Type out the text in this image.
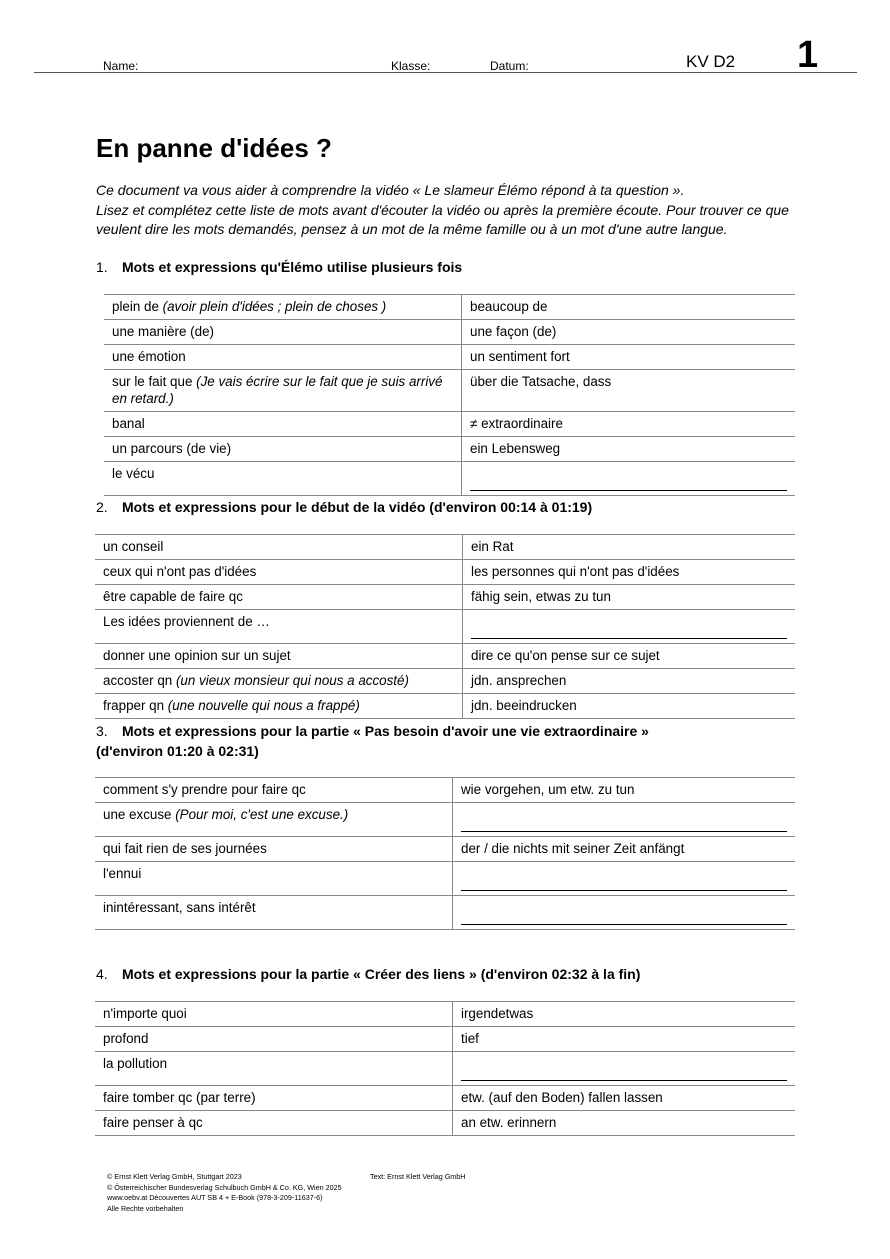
Name:	Klasse:	Datum:	KV D2 1
En panne d'idées ?
Ce document va vous aider à comprendre la vidéo « Le slameur Élémo répond à ta question ».
Lisez et complétez cette liste de mots avant d'écouter la vidéo ou après la première écoute. Pour trouver ce que veulent dire les mots demandés, pensez à un mot de la même famille ou à un mot d'une autre langue.
1. Mots et expressions qu'Élémo utilise plusieurs fois
2. Mots et expressions pour le début de la vidéo (d'environ 00:14 à 01:19)
3. Mots et expressions pour la partie « Pas besoin d'avoir une vie extraordinaire »
(d'environ 01:20 à 02:31)
4. Mots et expressions pour la partie « Créer des liens » (d'environ 02:32 à la fin)
plein de (avoir plein d'idées ; plein de choses )	beaucoup de
une manière (de)	une façon (de)
une émotion	un sentiment fort
sur le fait que (Je vais écrire sur le fait que je suis arrivé en retard.)	über die Tatsache, dass
banal	≠ extraordinaire
un parcours (de vie)	ein Lebensweg
le vécu	
un conseil	ein Rat
ceux qui n'ont pas d'idées	les personnes qui n'ont pas d'idées
être capable de faire qc	fähig sein, etwas zu tun
Les idées proviennent de …	

donner une opinion sur un sujet	dire ce qu'on pense sur ce sujet
accoster qn (un vieux monsieur qui nous a accosté)	jdn. ansprechen
frapper qn (une nouvelle qui nous a frappé)	jdn. beeindrucken
comment s'y prendre pour faire qc	wie vorgehen, um etw. zu tun
une excuse (Pour moi, c'est une excuse.)	

qui fait rien de ses journées	der / die nichts mit seiner Zeit anfängt
l'ennui	

inintéressant, sans intérêt	
n'importe quoi	irgendetwas
profond	tief
la pollution	

faire tomber qc (par terre)	etw. (auf den Boden) fallen lassen
faire penser à qc	an etw. erinnern
© Ernst Klett Verlag GmbH, Stuttgart 2023
© Österreichischer Bundesverlag Schulbuch GmbH & Co. KG, Wien 2025
www.oebv.at Découvertes AUT SB 4 + E-Book (978-3-209-11637-6)
Alle Rechte vorbehalten
Text: Ernst Klett Verlag GmbH
